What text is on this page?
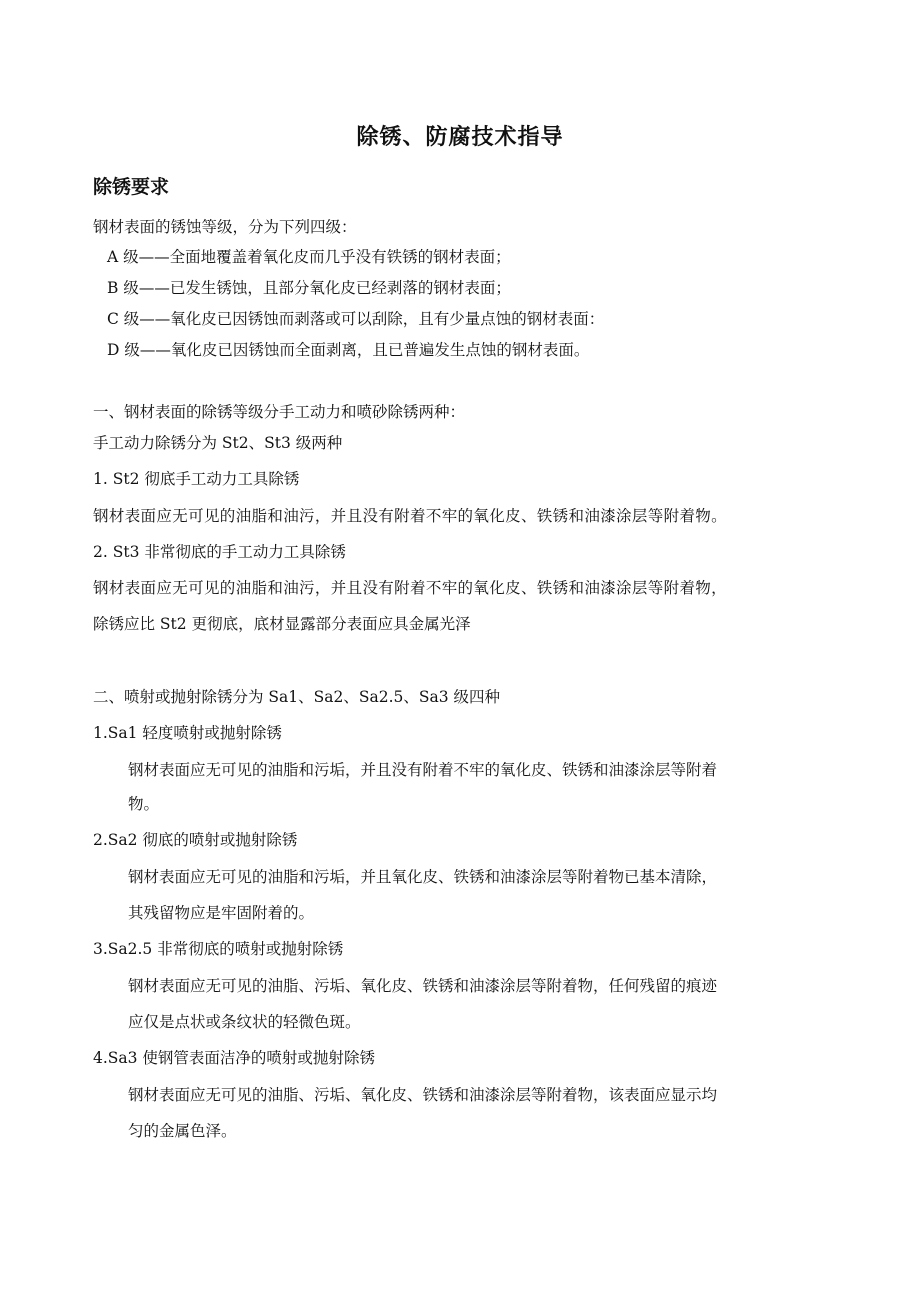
除锈、防腐技术指导
除锈要求
钢材表面的锈蚀等级，分为下列四级：
A 级——全面地覆盖着氧化皮而几乎没有铁锈的钢材表面；
B 级——已发生锈蚀，且部分氧化皮已经剥落的钢材表面；
C 级——氧化皮已因锈蚀而剥落或可以刮除，且有少量点蚀的钢材表面：
D 级——氧化皮已因锈蚀而全面剥离，且已普遍发生点蚀的钢材表面。
一、钢材表面的除锈等级分手工动力和喷砂除锈两种：
手工动力除锈分为 St2、St3 级两种
1. St2 彻底手工动力工具除锈
钢材表面应无可见的油脂和油污，并且没有附着不牢的氧化皮、铁锈和油漆涂层等附着物。
2. St3 非常彻底的手工动力工具除锈
钢材表面应无可见的油脂和油污，并且没有附着不牢的氧化皮、铁锈和油漆涂层等附着物，
除锈应比 St2 更彻底，底材显露部分表面应具金属光泽
二、喷射或抛射除锈分为 Sa1、Sa2、Sa2.5、Sa3 级四种
1.Sa1 轻度喷射或抛射除锈
钢材表面应无可见的油脂和污垢，并且没有附着不牢的氧化皮、铁锈和油漆涂层等附着
物。
2.Sa2 彻底的喷射或抛射除锈
钢材表面应无可见的油脂和污垢，并且氧化皮、铁锈和油漆涂层等附着物已基本清除，
其残留物应是牢固附着的。
3.Sa2.5 非常彻底的喷射或抛射除锈
钢材表面应无可见的油脂、污垢、氧化皮、铁锈和油漆涂层等附着物，任何残留的痕迹
应仅是点状或条纹状的轻微色斑。
4.Sa3 使钢管表面洁净的喷射或抛射除锈
钢材表面应无可见的油脂、污垢、氧化皮、铁锈和油漆涂层等附着物，该表面应显示均
匀的金属色泽。
